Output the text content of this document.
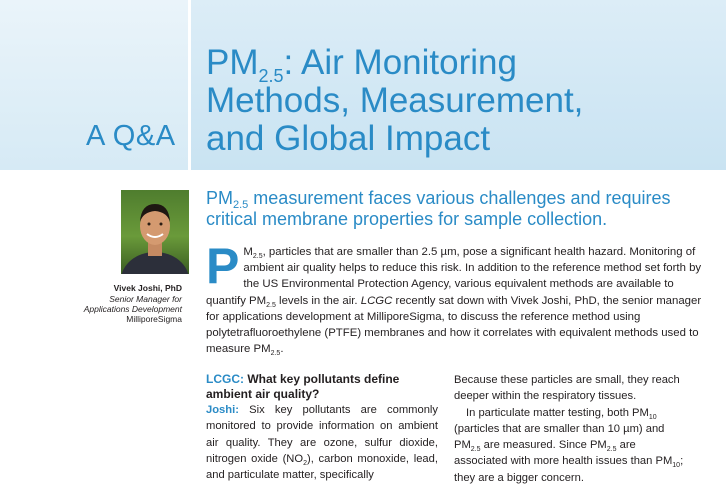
A Q&A
$PM_{2.5}$: Air Monitoring
Methods, Measurement,
and Global Impact
Vivek Joshi, PhD
Senior Manager for
Applications Development
MilliporeSigma
$PM_{2.5}$ measurement faces various challenges and requires
critical membrane properties for sample collection.
P $M_{2.5}$, particles that are smaller than 2.5 µm, pose a significant health hazard. Monitoring of ambient air quality helps to reduce this risk. In addition to the reference method set forth by the US Environmental Protection Agency, various equivalent methods are available to quantify $PM_{2.5}$ levels in the air. LCGC recently sat down with Vivek Joshi, PhD, the senior manager for applications development at MilliporeSigma, to discuss the reference method using polytetrafluoroethylene (PTFE) membranes and how it correlates with equivalent methods used to measure $PM_{2.5}$.
LCGC: What key pollutants define ambient air quality?
Joshi: Six key pollutants are commonly monitored to provide information on ambient air quality. They are ozone, sulfur dioxide, nitrogen oxide $(NO_2)$, carbon monoxide, lead, and particulate matter, specifically
Because these particles are small, they reach deeper within the respiratory tissues.
In particulate matter testing, both $PM_{10}$ (particles that are smaller than 10 µm) and $PM_{2.5}$ are measured. Since $PM_{2.5}$ are associated with more health issues than $PM_{10}$; they are a bigger concern.
